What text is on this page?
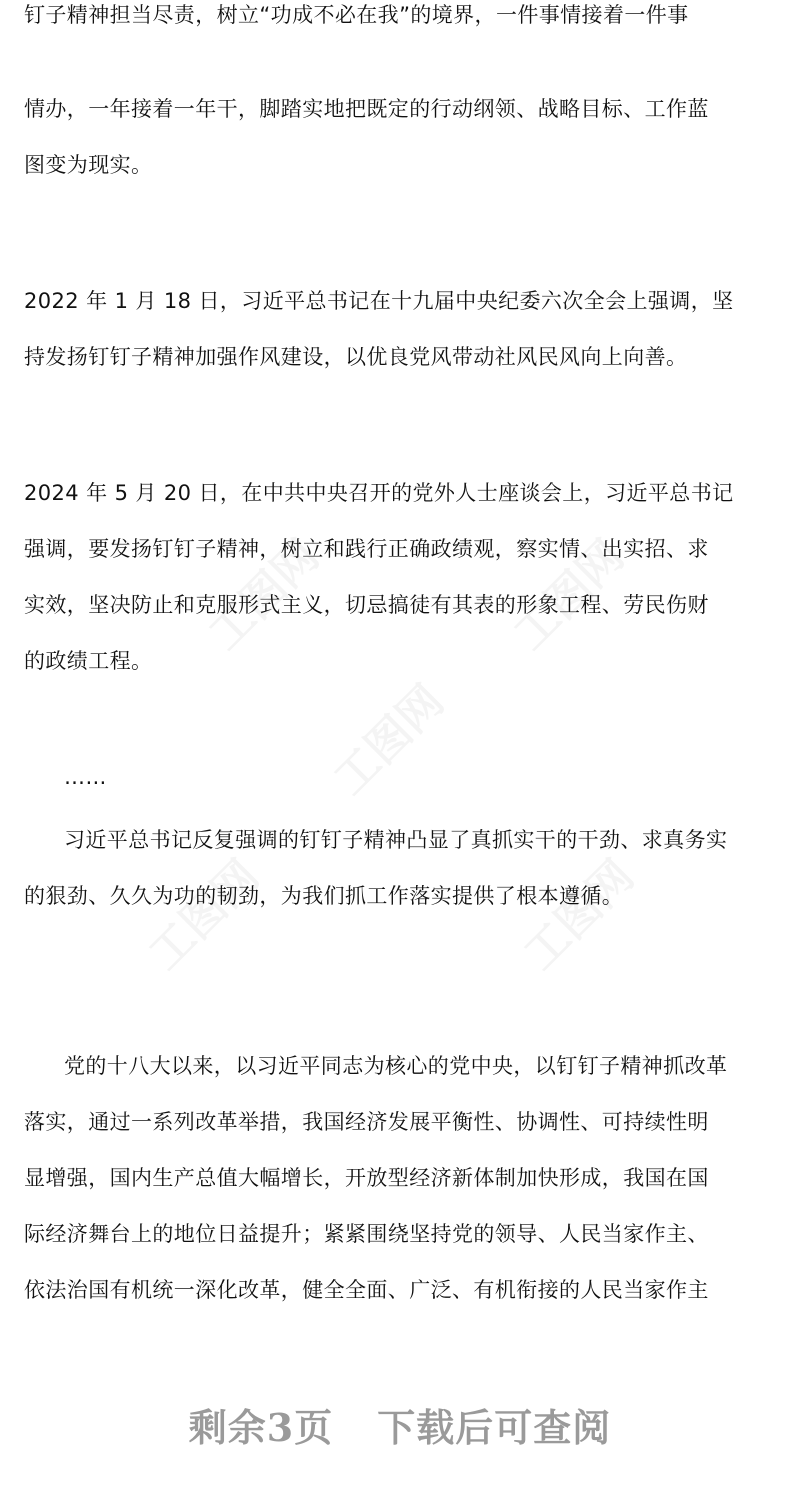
钉子精神担当尽责，树立“功成不必在我”的境界，一件事情接着一件事
情办，一年接着一年干，脚踏实地把既定的行动纲领、战略目标、工作蓝
图变为现实。
2022 年 1 月 18 日，习近平总书记在十九届中央纪委六次全会上强调，坚
持发扬钉钉子精神加强作风建设，以优良党风带动社风民风向上向善。
2024 年 5 月 20 日，在中共中央召开的党外人士座谈会上，习近平总书记
强调，要发扬钉钉子精神，树立和践行正确政绩观，察实情、出实招、求
实效，坚决防止和克服形式主义，切忌搞徒有其表的形象工程、劳民伤财
的政绩工程。
……
习近平总书记反复强调的钉钉子精神凸显了真抓实干的干劲、求真务实
的狠劲、久久为功的韧劲，为我们抓工作落实提供了根本遵循。
党的十八大以来，以习近平同志为核心的党中央，以钉钉子精神抓改革
落实，通过一系列改革举措，我国经济发展平衡性、协调性、可持续性明
显增强，国内生产总值大幅增长，开放型经济新体制加快形成，我国在国
际经济舞台上的地位日益提升；紧紧围绕坚持党的领导、人民当家作主、
依法治国有机统一深化改革，健全全面、广泛、有机衔接的人民当家作主
剩余3页 下载后可查阅
